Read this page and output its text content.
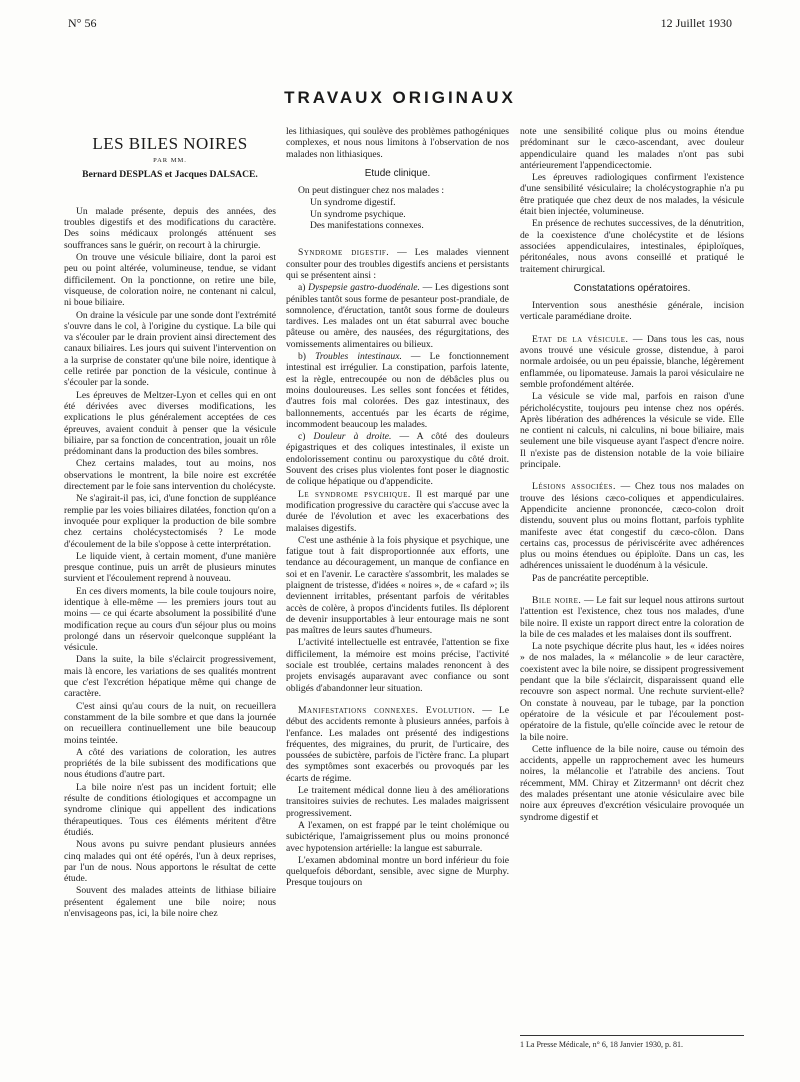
N° 56	12 Juillet 1930
TRAVAUX ORIGINAUX
LES BILES NOIRES
PAR MM.
Bernard DESPLAS et Jacques DALSACE.

Un malade présente, depuis des années, des troubles digestifs et des modifications du caractère. Des soins médicaux prolongés atténuent ses souffrances sans le guérir, on recourt à la chirurgie.

On trouve une vésicule biliaire, dont la paroi est peu ou point altérée, volumineuse, tendue, se vidant difficilement. On la ponctionne, on retire une bile, visqueuse, de coloration noire, ne contenant ni calcul, ni boue biliaire.

On draine la vésicule par une sonde dont l'extrémité s'ouvre dans le col, à l'origine du cystique. La bile qui va s'écouler par le drain provient ainsi directement des canaux biliaires. Les jours qui suivent l'intervention on a la surprise de constater qu'une bile noire, identique à celle retirée par ponction de la vésicule, continue à s'écouler par la sonde.

Les épreuves de Meltzer-Lyon et celles qui en ont été dérivées avec diverses modifications, les explications le plus généralement acceptées de ces épreuves, avaient conduit à penser que la vésicule biliaire, par sa fonction de concentration, jouait un rôle prédominant dans la production des biles sombres.

Chez certains malades, tout au moins, nos observations le montrent, la bile noire est excrétée directement par le foie sans intervention du cholécyste.

Ne s'agirait-il pas, ici, d'une fonction de suppléance remplie par les voies biliaires dilatées, fonction qu'on a invoquée pour expliquer la production de bile sombre chez certains cholécystectomisés ? Le mode d'écoulement de la bile s'oppose à cette interprétation.

Le liquide vient, à certain moment, d'une manière presque continue, puis un arrêt de plusieurs minutes survient et l'écoulement reprend à nouveau.

En ces divers moments, la bile coule toujours noire, identique à elle-même — les premiers jours tout au moins — ce qui écarte absolument la possibilité d'une modification reçue au cours d'un séjour plus ou moins prolongé dans un réservoir quelconque suppléant la vésicule.

Dans la suite, la bile s'éclaircit progressivement, mais là encore, les variations de ses qualités montrent que c'est l'excrétion hépatique même qui change de caractère.

C'est ainsi qu'au cours de la nuit, on recueillera constamment de la bile sombre et que dans la journée on recueillera continuellement une bile beaucoup moins teintée.

A côté des variations de coloration, les autres propriétés de la bile subissent des modifications que nous étudions d'autre part.

La bile noire n'est pas un incident fortuit; elle résulte de conditions étiologiques et accompagne un syndrome clinique qui appellent des indications thérapeutiques. Tous ces éléments méritent d'être étudiés.

Nous avons pu suivre pendant plusieurs années cinq malades qui ont été opérés, l'un à deux reprises, par l'un de nous. Nous apportons le résultat de cette étude.

Souvent des malades atteints de lithiase biliaire présentent également une bile noire; nous n'envisageons pas, ici, la bile noire chez

les lithiasiques, qui soulève des problèmes pathogéniques complexes, et nous nous limitons à l'observation de nos malades non lithiasiques.

Etude clinique.

On peut distinguer chez nos malades :

Un syndrome digestif.
Un syndrome psychique.
Des manifestations connexes.

Syndrome digestif. — Les malades viennent consulter pour des troubles digestifs anciens et persistants qui se présentent ainsi :

a) Dyspepsie gastro-duodénale. — Les digestions sont pénibles tantôt sous forme de pesanteur post-prandiale, de somnolence, d'éructation, tantôt sous forme de douleurs tardives. Les malades ont un état saburral avec bouche pâteuse ou amère, des nausées, des régurgitations, des vomissements alimentaires ou bilieux.

b) Troubles intestinaux. — Le fonctionnement intestinal est irrégulier. La constipation, parfois latente, est la règle, entrecoupée ou non de débâcles plus ou moins douloureuses. Les selles sont foncées et fétides, d'autres fois mal colorées. Des gaz intestinaux, des ballonnements, accentués par les écarts de régime, incommodent beaucoup les malades.

c) Douleur à droite. — A côté des douleurs épigastriques et des coliques intestinales, il existe un endolorissement continu ou paroxystique du côté droit. Souvent des crises plus violentes font poser le diagnostic de colique hépatique ou d'appendicite.

Le syndrome psychique. Il est marqué par une modification progressive du caractère qui s'accuse avec la durée de l'évolution et avec les exacerbations des malaises digestifs.

C'est une asthénie à la fois physique et psychique, une fatigue tout à fait disproportionnée aux efforts, une tendance au découragement, un manque de confiance en soi et en l'avenir. Le caractère s'assombrit, les malades se plaignent de tristesse, d'idées « noires », de « cafard »; ils deviennent irritables, présentant parfois de véritables accès de colère, à propos d'incidents futiles. Ils déplorent de devenir insupportables à leur entourage mais ne sont pas maîtres de leurs sautes d'humeurs.

L'activité intellectuelle est entravée, l'attention se fixe difficilement, la mémoire est moins précise, l'activité sociale est troublée, certains malades renoncent à des projets envisagés auparavant avec confiance ou sont obligés d'abandonner leur situation.

Manifestations connexes. Evolution. — Le début des accidents remonte à plusieurs années, parfois à l'enfance. Les malades ont présenté des indigestions fréquentes, des migraines, du prurit, de l'urticaire, des poussées de subictère, parfois de l'ictère franc. La plupart des symptômes sont exacerbés ou provoqués par les écarts de régime.

Le traitement médical donne lieu à des améliorations transitoires suivies de rechutes. Les malades maigrissent progressivement.

A l'examen, on est frappé par le teint cholémique ou subictérique, l'amaigrissement plus ou moins prononcé avec hypotension artérielle: la langue est saburrale.

L'examen abdominal montre un bord inférieur du foie quelquefois débordant, sensible, avec signe de Murphy. Presque toujours on

note une sensibilité colique plus ou moins étendue prédominant sur le cæco-ascendant, avec douleur appendiculaire quand les malades n'ont pas subi antérieurement l'appendicectomie.

Les épreuves radiologiques confirment l'existence d'une sensibilité vésiculaire; la cholécystographie n'a pu être pratiquée que chez deux de nos malades, la vésicule était bien injectée, volumineuse.

En présence de rechutes successives, de la dénutrition, de la coexistence d'une cholécystite et de lésions associées appendiculaires, intestinales, épiploïques, péritonéales, nous avons conseillé et pratiqué le traitement chirurgical.

Constatations opératoires.

Intervention sous anesthésie générale, incision verticale paramédiane droite.

Etat de la vésicule. — Dans tous les cas, nous avons trouvé une vésicule grosse, distendue, à paroi normale ardoisée, ou un peu épaissie, blanche, légèrement enflammée, ou lipomateuse. Jamais la paroi vésiculaire ne semble profondément altérée.

La vésicule se vide mal, parfois en raison d'une péricholécystite, toujours peu intense chez nos opérés. Après libération des adhérences la vésicule se vide. Elle ne contient ni calculs, ni calculins, ni boue biliaire, mais seulement une bile visqueuse ayant l'aspect d'encre noire. Il n'existe pas de distension notable de la voie biliaire principale.

Lésions associées. — Chez tous nos malades on trouve des lésions cæco-coliques et appendiculaires. Appendicite ancienne prononcée, cæco-colon droit distendu, souvent plus ou moins flottant, parfois typhlite manifeste avec état congestif du cæco-côlon. Dans certains cas, processus de périviscérite avec adhérences plus ou moins étendues ou épiploïte. Dans un cas, les adhérences unissaient le duodénum à la vésicule.

Pas de pancréatite perceptible.

Bile noire. — Le fait sur lequel nous attirons surtout l'attention est l'existence, chez tous nos malades, d'une bile noire. Il existe un rapport direct entre la coloration de la bile de ces malades et les malaises dont ils souffrent.

La note psychique décrite plus haut, les « idées noires » de nos malades, la « mélancolie » de leur caractère, coexistent avec la bile noire, se dissipent progressivement pendant que la bile s'éclaircit, disparaissent quand elle recouvre son aspect normal. Une rechute survient-elle? On constate à nouveau, par le tubage, par la ponction opératoire de la vésicule et par l'écoulement post-opératoire de la fistule, qu'elle coïncide avec le retour de la bile noire.

Cette influence de la bile noire, cause ou témoin des accidents, appelle un rapprochement avec les humeurs noires, la mélancolie et l'atrabile des anciens. Tout récemment, MM. Chiray et Zitzermann¹ ont décrit chez des malades présentant une atonie vésiculaire avec bile noire aux épreuves d'excrétion vésiculaire provoquée un syndrome digestif et

1 La Presse Médicale, n° 6, 18 Janvier 1930, p. 81.
